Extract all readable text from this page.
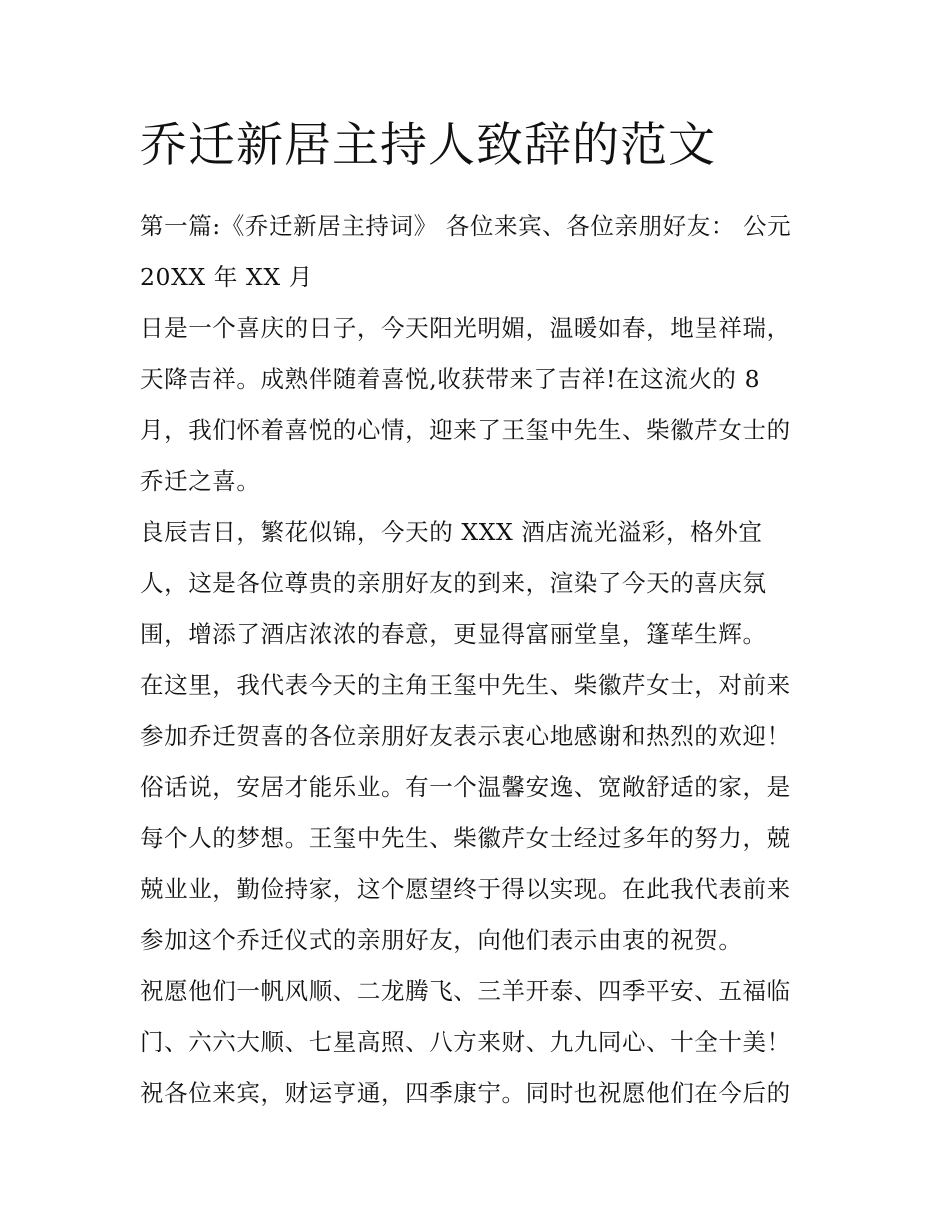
乔迁新居主持人致辞的范文
第一篇:《乔迁新居主持词》 各位来宾、各位亲朋好友： 公元
20XX 年 XX 月
日是一个喜庆的日子，今天阳光明媚，温暖如春，地呈祥瑞，
天降吉祥。成熟伴随着喜悦,收获带来了吉祥!在这流火的 8
月，我们怀着喜悦的心情，迎来了王玺中先生、柴徽芹女士的
乔迁之喜。
良辰吉日，繁花似锦，今天的 XXX 酒店流光溢彩，格外宜
人，这是各位尊贵的亲朋好友的到来，渲染了今天的喜庆氛
围，增添了酒店浓浓的春意，更显得富丽堂皇，篷荜生辉。
在这里，我代表今天的主角王玺中先生、柴徽芹女士，对前来
参加乔迁贺喜的各位亲朋好友表示衷心地感谢和热烈的欢迎！
俗话说，安居才能乐业。有一个温馨安逸、宽敞舒适的家，是
每个人的梦想。王玺中先生、柴徽芹女士经过多年的努力，兢
兢业业，勤俭持家，这个愿望终于得以实现。在此我代表前来
参加这个乔迁仪式的亲朋好友，向他们表示由衷的祝贺。
祝愿他们一帆风顺、二龙腾飞、三羊开泰、四季平安、五福临
门、六六大顺、七星高照、八方来财、九九同心、十全十美！
祝各位来宾，财运亨通，四季康宁。同时也祝愿他们在今后的
